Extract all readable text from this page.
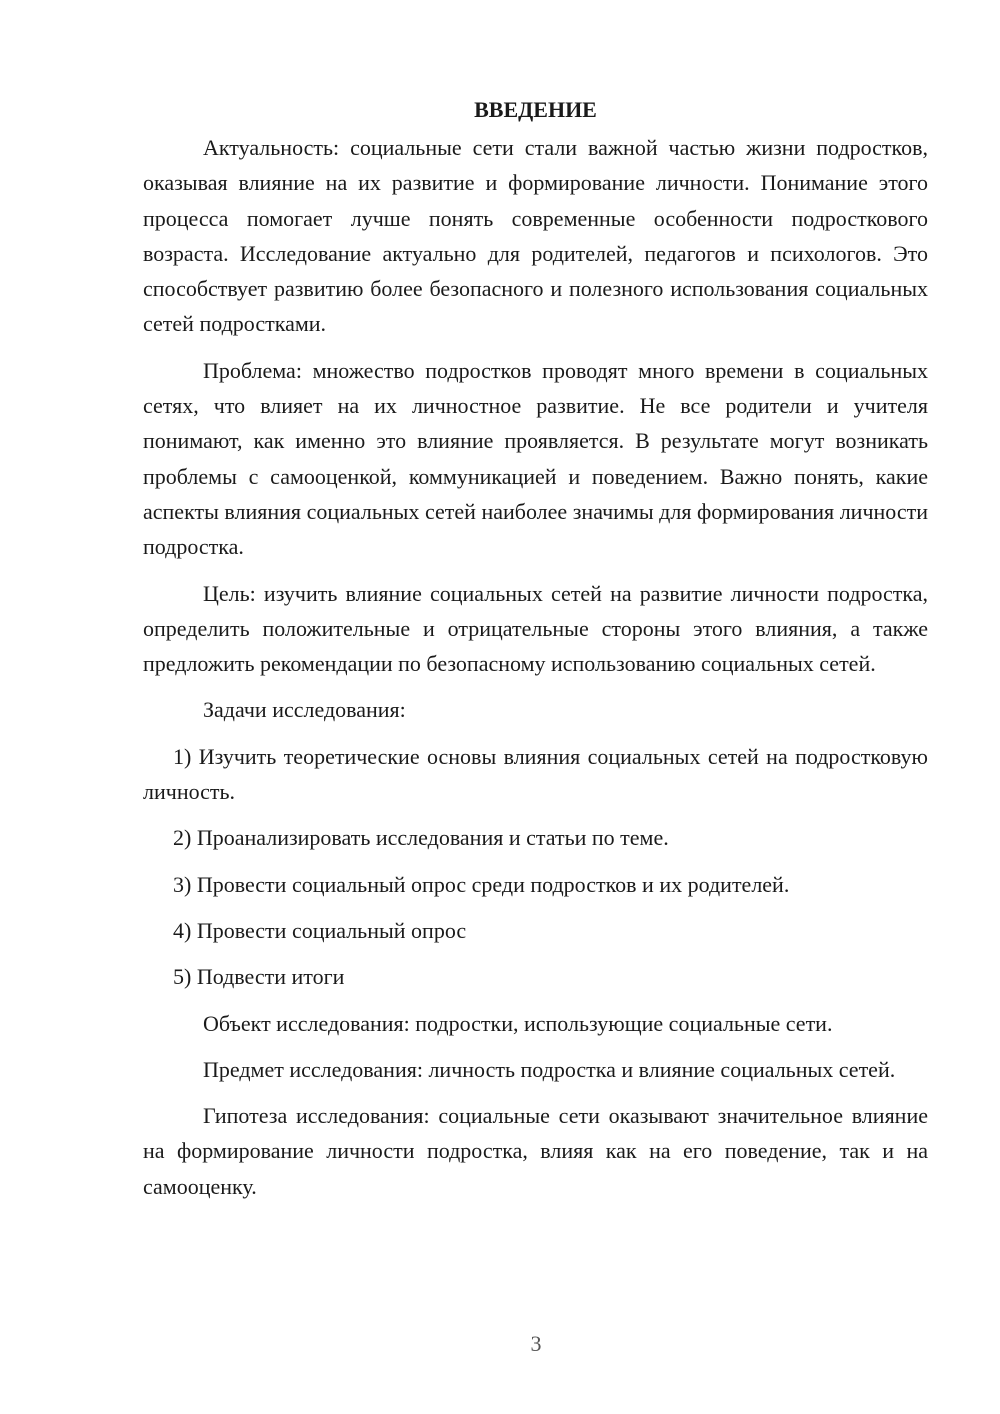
ВВЕДЕНИЕ

Актуальность: социальные сети стали важной частью жизни подростков, оказывая влияние на их развитие и формирование личности. Понимание этого процесса помогает лучше понять современные особенности подросткового возраста. Исследование актуально для родителей, педагогов и психологов. Это способствует развитию более безопасного и полезного использования социальных сетей подростками.

Проблема: множество подростков проводят много времени в социальных сетях, что влияет на их личностное развитие. Не все родители и учителя понимают, как именно это влияние проявляется. В результате могут возникать проблемы с самооценкой, коммуникацией и поведением. Важно понять, какие аспекты влияния социальных сетей наиболее значимы для формирования личности подростка.

Цель: изучить влияние социальных сетей на развитие личности подростка, определить положительные и отрицательные стороны этого влияния, а также предложить рекомендации по безопасному использованию социальных сетей.

Задачи исследования:

1) Изучить теоретические основы влияния социальных сетей на подростковую личность.

2) Проанализировать исследования и статьи по теме.

3) Провести социальный опрос среди подростков и их родителей.

4) Провести социальный опрос

5) Подвести итоги

Объект исследования: подростки, использующие социальные сети.

Предмет исследования: личность подростка и влияние социальных сетей.

Гипотеза исследования: социальные сети оказывают значительное влияние на формирование личности подростка, влияя как на его поведение, так и на самооценку.

3
